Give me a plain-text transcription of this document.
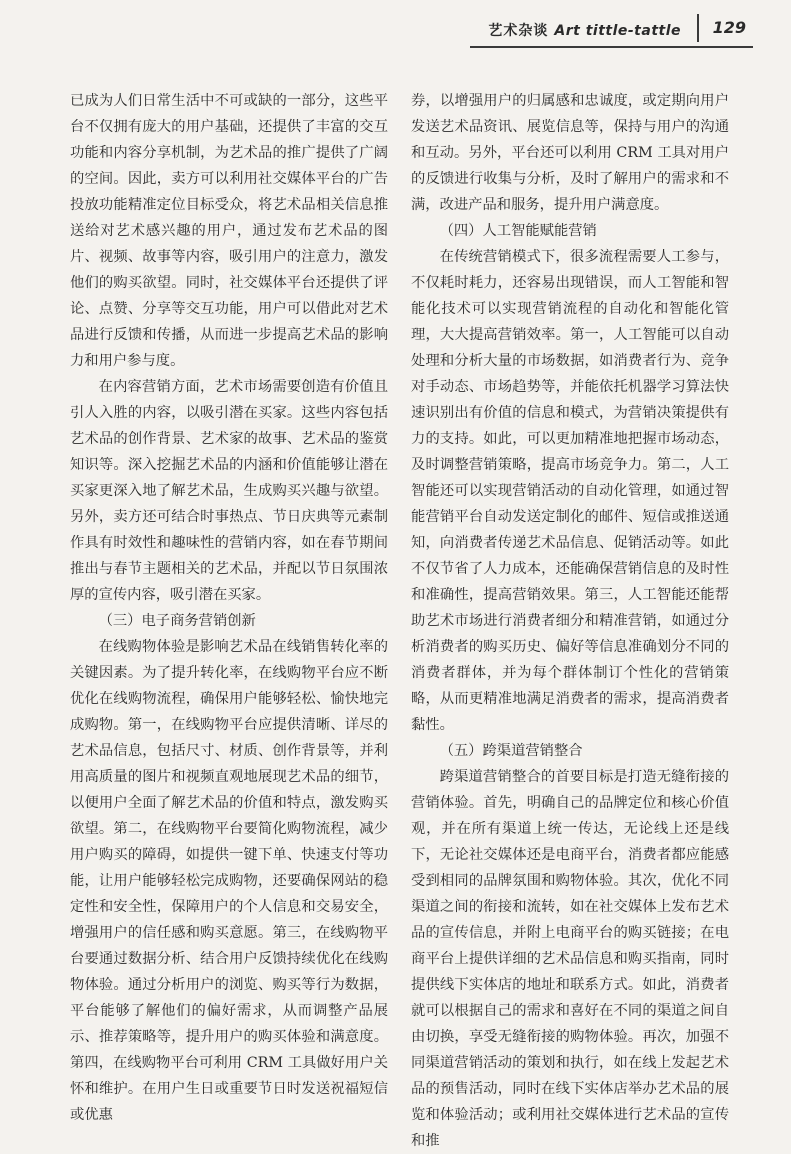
艺术杂谈 Art tittle-tattle 129

已成为人们日常生活中不可或缺的一部分，这些平台不仅拥有庞大的用户基础，还提供了丰富的交互功能和内容分享机制，为艺术品的推广提供了广阔的空间。因此，卖方可以利用社交媒体平台的广告投放功能精准定位目标受众，将艺术品相关信息推送给对艺术感兴趣的用户，通过发布艺术品的图片、视频、故事等内容，吸引用户的注意力，激发他们的购买欲望。同时，社交媒体平台还提供了评论、点赞、分享等交互功能，用户可以借此对艺术品进行反馈和传播，从而进一步提高艺术品的影响力和用户参与度。

在内容营销方面，艺术市场需要创造有价值且引人入胜的内容，以吸引潜在买家。这些内容包括艺术品的创作背景、艺术家的故事、艺术品的鉴赏知识等。深入挖掘艺术品的内涵和价值能够让潜在买家更深入地了解艺术品，生成购买兴趣与欲望。另外，卖方还可结合时事热点、节日庆典等元素制作具有时效性和趣味性的营销内容，如在春节期间推出与春节主题相关的艺术品，并配以节日氛围浓厚的宣传内容，吸引潜在买家。

（三）电子商务营销创新

在线购物体验是影响艺术品在线销售转化率的关键因素。为了提升转化率，在线购物平台应不断优化在线购物流程，确保用户能够轻松、愉快地完成购物。第一，在线购物平台应提供清晰、详尽的艺术品信息，包括尺寸、材质、创作背景等，并利用高质量的图片和视频直观地展现艺术品的细节，以便用户全面了解艺术品的价值和特点，激发购买欲望。第二，在线购物平台要简化购物流程，减少用户购买的障碍，如提供一键下单、快速支付等功能，让用户能够轻松完成购物，还要确保网站的稳定性和安全性，保障用户的个人信息和交易安全，增强用户的信任感和购买意愿。第三，在线购物平台要通过数据分析、结合用户反馈持续优化在线购物体验。通过分析用户的浏览、购买等行为数据，平台能够了解他们的偏好需求，从而调整产品展示、推荐策略等，提升用户的购买体验和满意度。第四，在线购物平台可利用 CRM 工具做好用户关怀和维护。在用户生日或重要节日时发送祝福短信或优惠

券，以增强用户的归属感和忠诚度，或定期向用户发送艺术品资讯、展览信息等，保持与用户的沟通和互动。另外，平台还可以利用 CRM 工具对用户的反馈进行收集与分析，及时了解用户的需求和不满，改进产品和服务，提升用户满意度。

（四）人工智能赋能营销

在传统营销模式下，很多流程需要人工参与，不仅耗时耗力，还容易出现错误，而人工智能和智能化技术可以实现营销流程的自动化和智能化管理，大大提高营销效率。第一，人工智能可以自动处理和分析大量的市场数据，如消费者行为、竞争对手动态、市场趋势等，并能依托机器学习算法快速识别出有价值的信息和模式，为营销决策提供有力的支持。如此，可以更加精准地把握市场动态，及时调整营销策略，提高市场竞争力。第二，人工智能还可以实现营销活动的自动化管理，如通过智能营销平台自动发送定制化的邮件、短信或推送通知，向消费者传递艺术品信息、促销活动等。如此不仅节省了人力成本，还能确保营销信息的及时性和准确性，提高营销效果。第三，人工智能还能帮助艺术市场进行消费者细分和精准营销，如通过分析消费者的购买历史、偏好等信息准确划分不同的消费者群体，并为每个群体制订个性化的营销策略，从而更精准地满足消费者的需求，提高消费者黏性。

（五）跨渠道营销整合

跨渠道营销整合的首要目标是打造无缝衔接的营销体验。首先，明确自己的品牌定位和核心价值观，并在所有渠道上统一传达，无论线上还是线下，无论社交媒体还是电商平台，消费者都应能感受到相同的品牌氛围和购物体验。其次，优化不同渠道之间的衔接和流转，如在社交媒体上发布艺术品的宣传信息，并附上电商平台的购买链接；在电商平台上提供详细的艺术品信息和购买指南，同时提供线下实体店的地址和联系方式。如此，消费者就可以根据自己的需求和喜好在不同的渠道之间自由切换，享受无缝衔接的购物体验。再次，加强不同渠道营销活动的策划和执行，如在线上发起艺术品的预售活动，同时在线下实体店举办艺术品的展览和体验活动；或利用社交媒体进行艺术品的宣传和推
